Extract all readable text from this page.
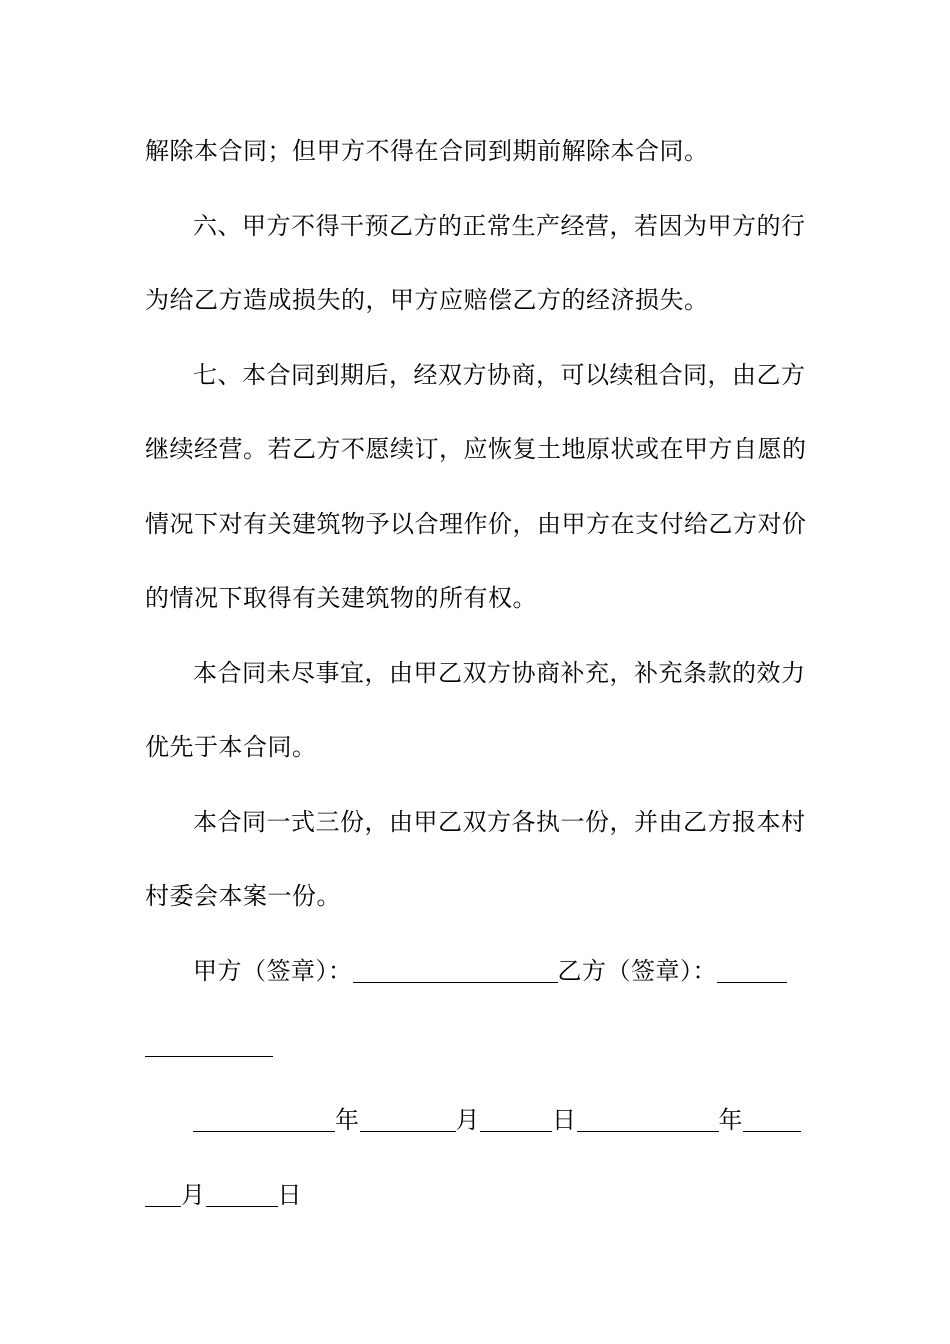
解除本合同；但甲方不得在合同到期前解除本合同。
六、甲方不得干预乙方的正常生产经营，若因为甲方的行
为给乙方造成损失的，甲方应赔偿乙方的经济损失。
七、本合同到期后，经双方协商，可以续租合同，由乙方
继续经营。若乙方不愿续订，应恢复土地原状或在甲方自愿的
情况下对有关建筑物予以合理作价，由甲方在支付给乙方对价
的情况下取得有关建筑物的所有权。
本合同未尽事宜，由甲乙双方协商补充，补充条款的效力
优先于本合同。
本合同一式三份，由甲乙双方各执一份，并由乙方报本村
村委会本案一份。
甲方（签章）：	乙方（签章）：
年	月	日	年
月	日
